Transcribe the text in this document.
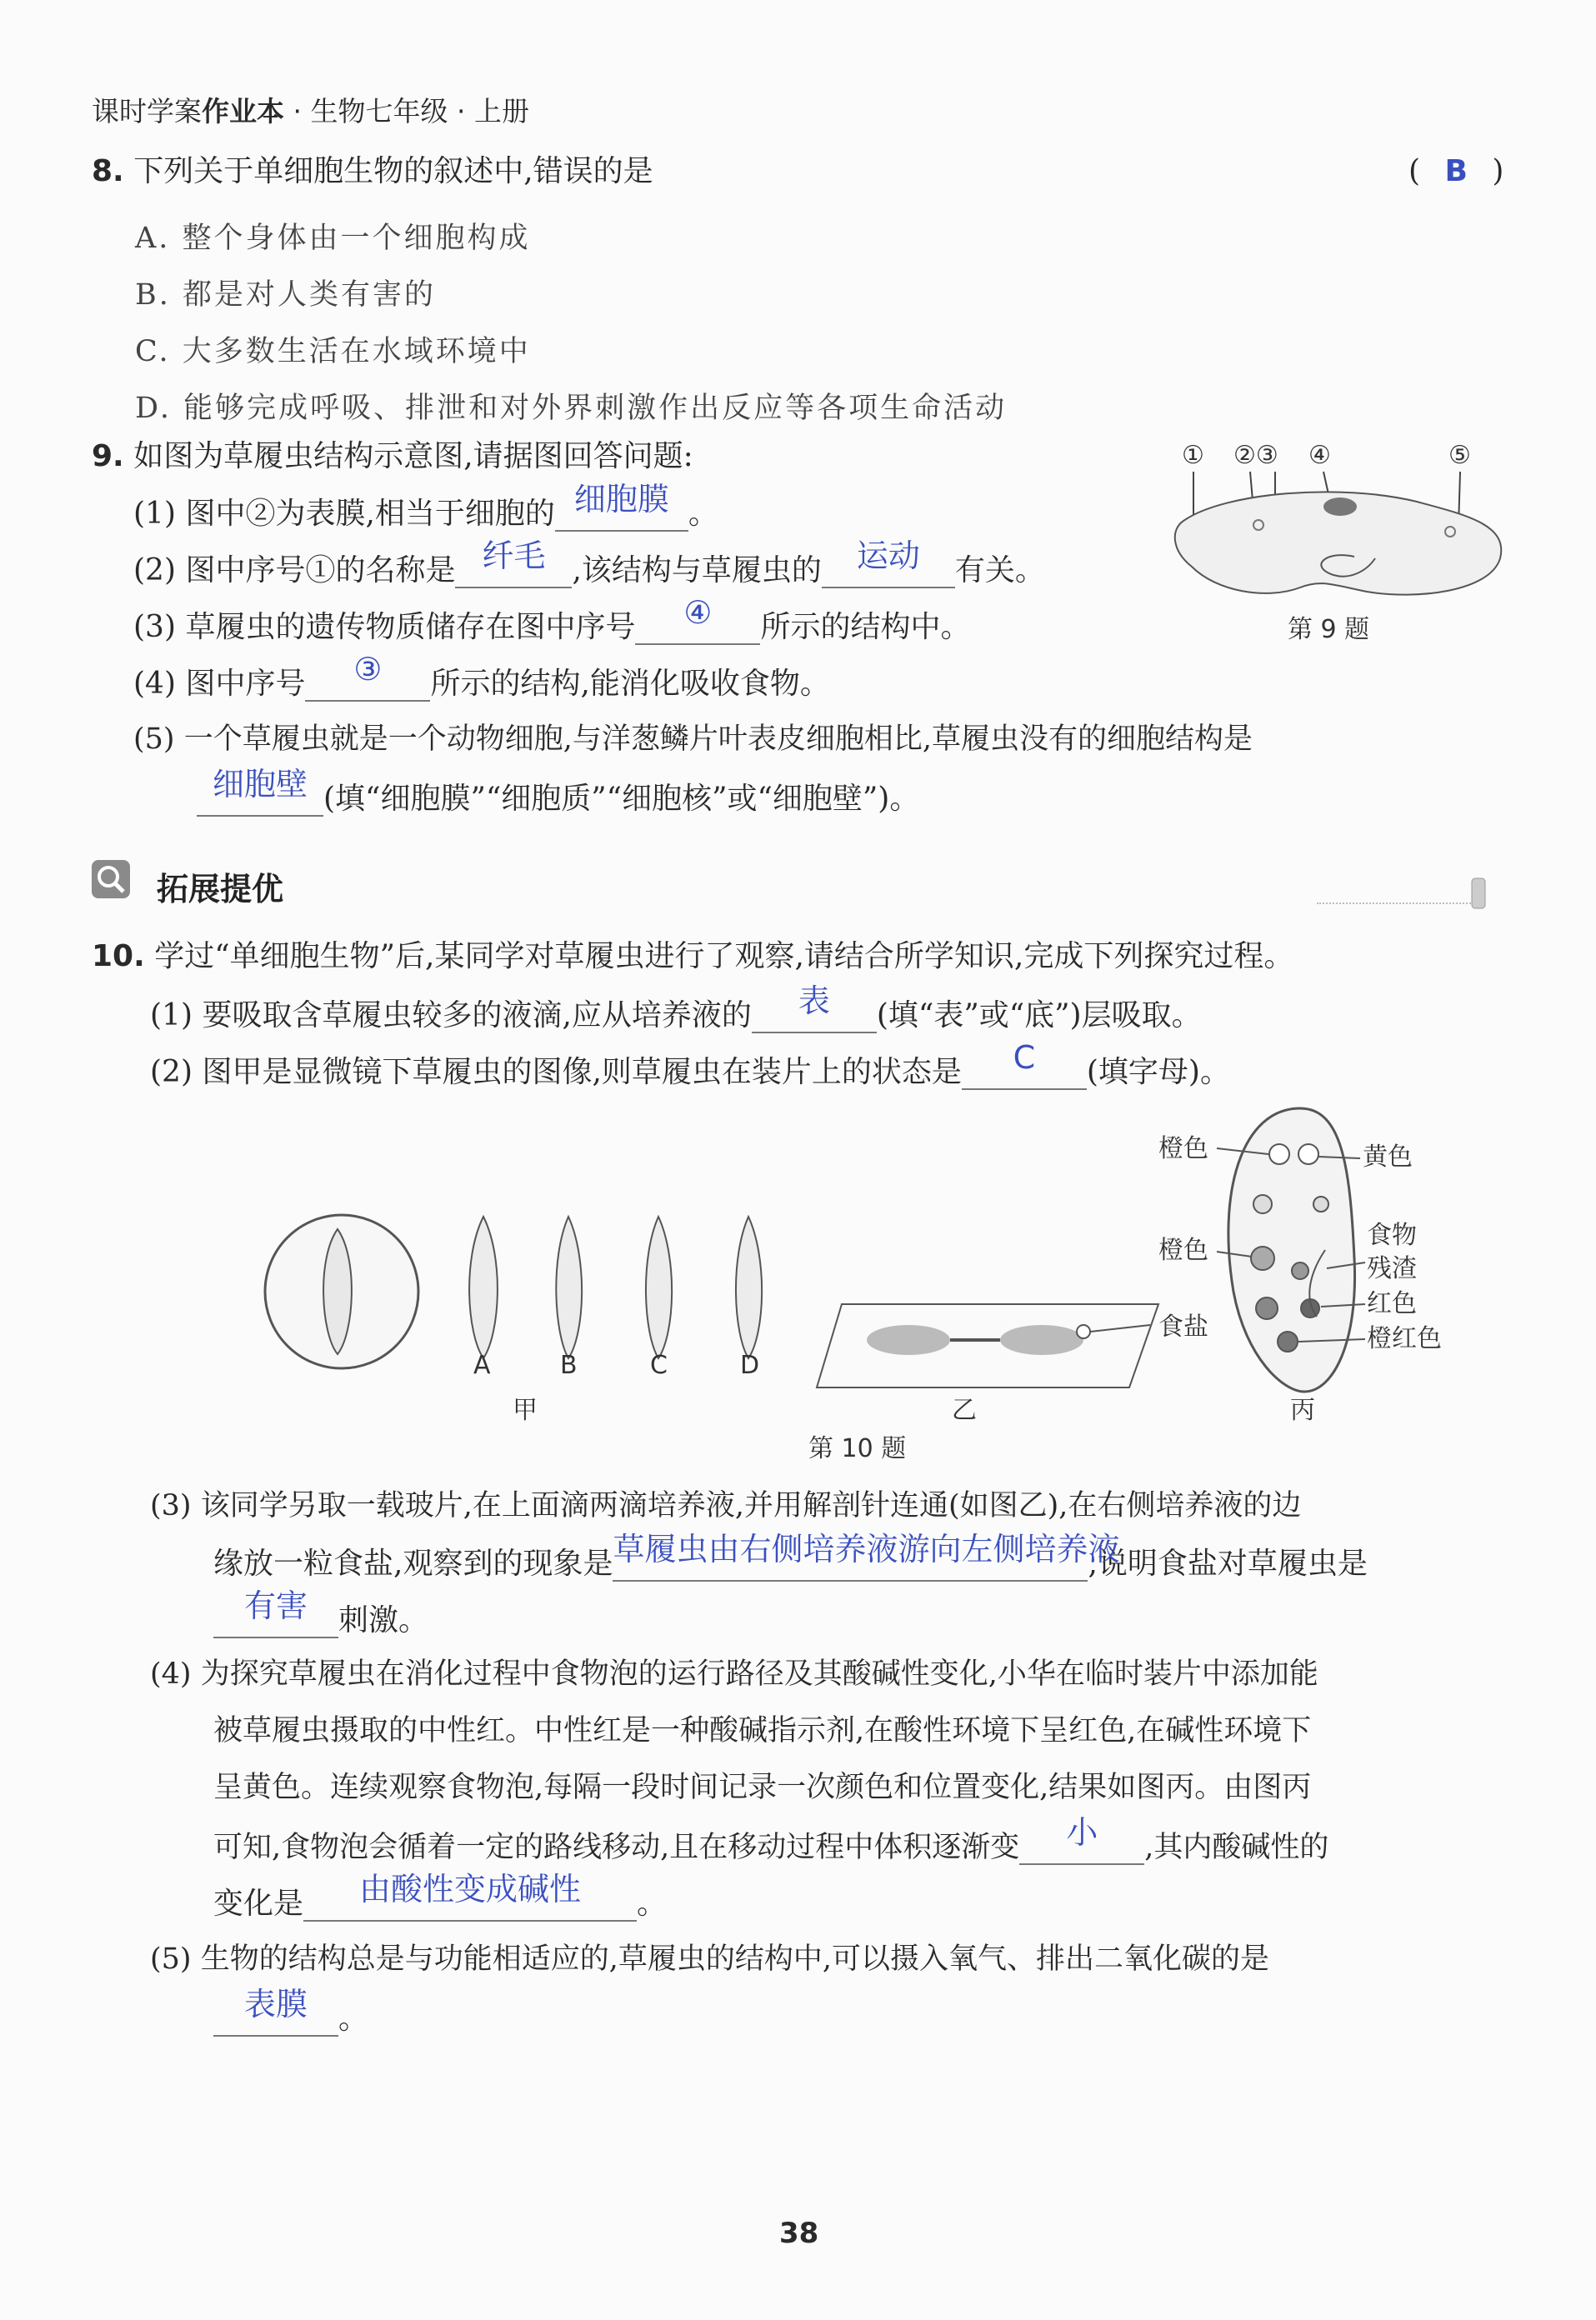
课时学案作业本 · 生物七年级 · 上册
8. 下列关于单细胞生物的叙述中,错误的是	( B )
A. 整个身体由一个细胞构成
B. 都是对人类有害的
C. 大多数生活在水域环境中
D. 能够完成呼吸、排泄和对外界刺激作出反应等各项生命活动
9. 如图为草履虫结构示意图,请据图回答问题:
(1) 图中②为表膜,相当于细胞的 细胞膜 。
(2) 图中序号①的名称是 纤毛 ,该结构与草履虫的 运动 有关。
(3) 草履虫的遗传物质储存在图中序号 ④ 所示的结构中。
(4) 图中序号 ③ 所示的结构,能消化吸收食物。
(5) 一个草履虫就是一个动物细胞,与洋葱鳞片叶表皮细胞相比,草履虫没有的细胞结构是
细胞壁 (填“细胞膜”“细胞质”“细胞核”或“细胞壁”)。
① ②③ ④	⑤
第 9 题
拓展提优
10. 学过“单细胞生物”后,某同学对草履虫进行了观察,请结合所学知识,完成下列探究过程。
(1) 要吸取含草履虫较多的液滴,应从培养液的 表 (填“表”或“底”)层吸取。
(2) 图甲是显微镜下草履虫的图像,则草履虫在装片上的状态是 C (填字母)。
A	B	C	D
甲
食盐
乙
橙色	黄色
橙色
食物
残渣
红色
橙红色
丙
第 10 题
(3) 该同学另取一载玻片,在上面滴两滴培养液,并用解剖针连通(如图乙),在右侧培养液的边
缘放一粒食盐,观察到的现象是草履虫由右侧培养液游向左侧培养液,说明食盐对草履虫是
有害 刺激。
(4) 为探究草履虫在消化过程中食物泡的运行路径及其酸碱性变化,小华在临时装片中添加能
被草履虫摄取的中性红。中性红是一种酸碱指示剂,在酸性环境下呈红色,在碱性环境下
呈黄色。连续观察食物泡,每隔一段时间记录一次颜色和位置变化,结果如图丙。由图丙
可知,食物泡会循着一定的路线移动,且在移动过程中体积逐渐变 小 ,其内酸碱性的
变化是 由酸性变成碱性 。
(5) 生物的结构总是与功能相适应的,草履虫的结构中,可以摄入氧气、排出二氧化碳的是
表膜 。
38
